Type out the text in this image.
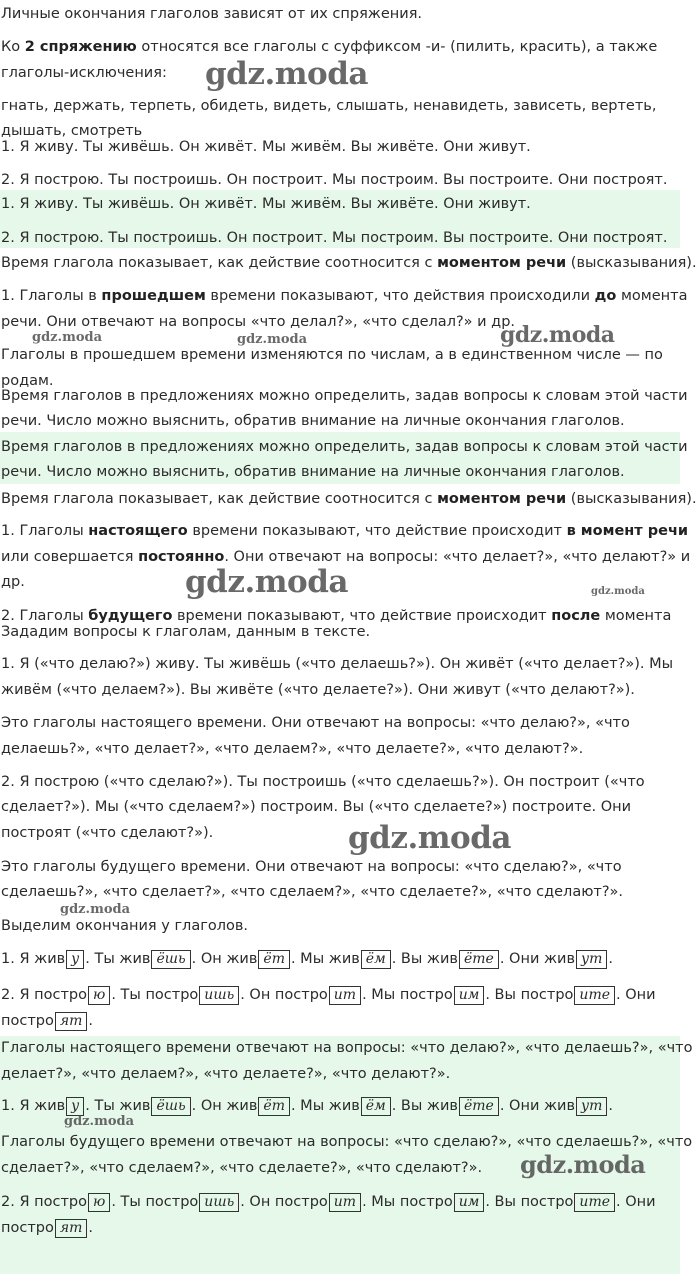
Личные окончания глаголов зависят от их спряжения.
Ко 2 спряжению относятся все глаголы с суффиксом -и- (пилить, красить), а также
глаголы-исключения:
гнать, держать, терпеть, обидеть, видеть, слышать, ненавидеть, зависеть, вертеть,
дышать, смотреть
1. Я живу. Ты живёшь. Он живёт. Мы живём. Вы живёте. Они живут.
2. Я построю. Ты построишь. Он построит. Мы построим. Вы построите. Они построят.
1. Я живу. Ты живёшь. Он живёт. Мы живём. Вы живёте. Они живут.
2. Я построю. Ты построишь. Он построит. Мы построим. Вы построите. Они построят.
Время глагола показывает, как действие соотносится с моментом речи (высказывания).
1. Глаголы в прошедшем времени показывают, что действия происходили до момента
речи. Они отвечают на вопросы «что делал?», «что сделал?» и др.
Глаголы в прошедшем времени изменяются по числам, а в единственном числе — по
родам.
Время глаголов в предложениях можно определить, задав вопросы к словам этой части
речи. Число можно выяснить, обратив внимание на личные окончания глаголов.
Время глаголов в предложениях можно определить, задав вопросы к словам этой части
речи. Число можно выяснить, обратив внимание на личные окончания глаголов.
Время глагола показывает, как действие соотносится с моментом речи (высказывания).
1. Глаголы настоящего времени показывают, что действие происходит в момент речи
или совершается постоянно. Они отвечают на вопросы: «что делает?», «что делают?» и
др.
2. Глаголы будущего времени показывают, что действие происходит после момента
Зададим вопросы к глаголам, данным в тексте.
1. Я («что делаю?») живу. Ты живёшь («что делаешь?»). Он живёт («что делает?»). Мы
живём («что делаем?»). Вы живёте («что делаете?»). Они живут («что делают?»).
Это глаголы настоящего времени. Они отвечают на вопросы: «что делаю?», «что
делаешь?», «что делает?», «что делаем?», «что делаете?», «что делают?».
2. Я построю («что сделаю?»). Ты построишь («что сделаешь?»). Он построит («что
сделает?»). Мы («что сделаем?») построим. Вы («что сделаете?») построите. Они
построят («что сделают?»).
Это глаголы будущего времени. Они отвечают на вопросы: «что сделаю?», «что
сделаешь?», «что сделает?», «что сделаем?», «что сделаете?», «что сделают?».
Выделим окончания у глаголов.
1. Я жив у . Ты жив ёшь . Он жив ёт . Мы жив ём . Вы жив ёте . Они жив ут .
2. Я постро ю . Ты постро ишь . Он постро ит . Мы постро им . Вы постро ите . Они
постро ят .
Глаголы настоящего времени отвечают на вопросы: «что делаю?», «что делаешь?», «что
делает?», «что делаем?», «что делаете?», «что делают?».
1. Я жив у . Ты жив ёшь . Он жив ёт . Мы жив ём . Вы жив ёте . Они жив ут .
Глаголы будущего времени отвечают на вопросы: «что сделаю?», «что сделаешь?», «что
сделает?», «что сделаем?», «что сделаете?», «что сделают?».
2. Я постро ю . Ты постро ишь . Он постро ит . Мы постро им . Вы постро ите . Они
постро ят .
gdz.moda
gdz.moda	gdz.moda	gdz.moda
gdz.moda	gdz.moda
gdz.moda
gdz.moda
gdz.moda
gdz.moda
